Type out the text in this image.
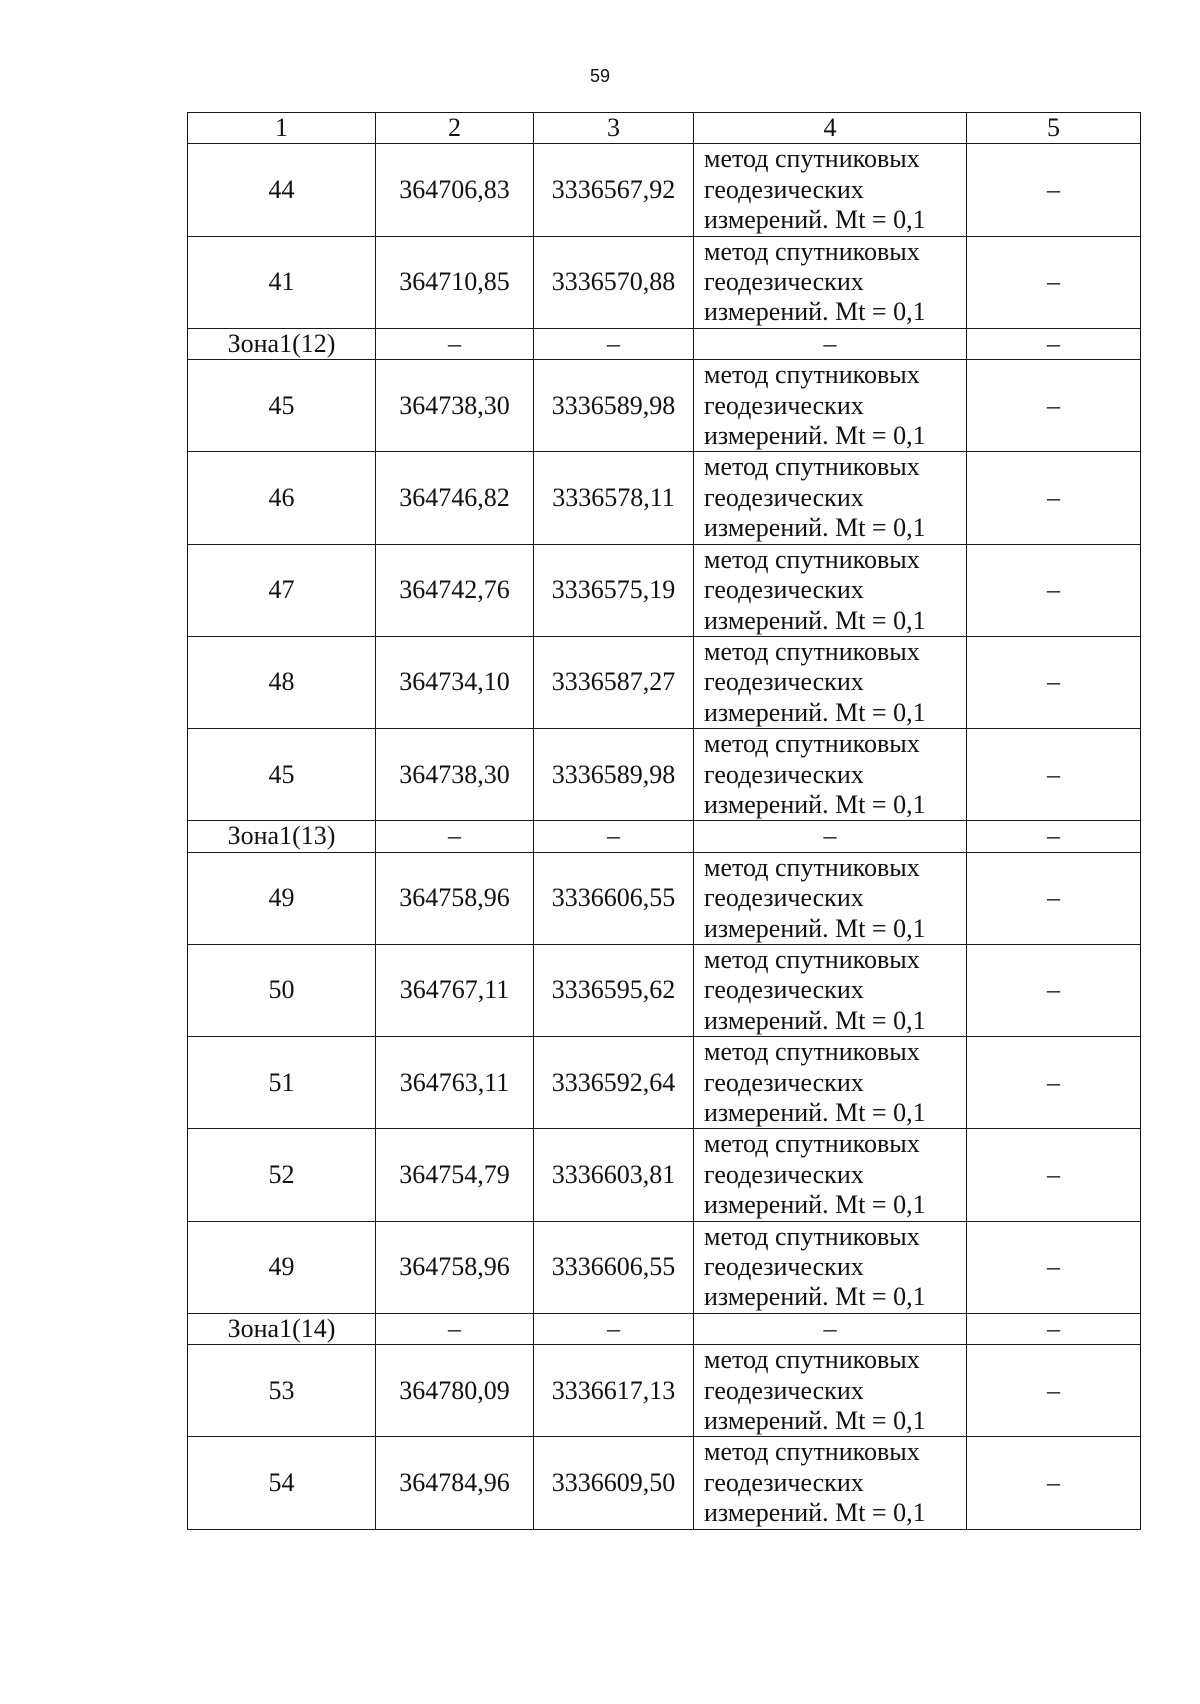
59
1	2	3	4	5
44	364706,83	3336567,92	метод спутниковых
геодезических
измерений. Mt = 0,1	–
41	364710,85	3336570,88	метод спутниковых
геодезических
измерений. Mt = 0,1	–
Зона1(12)	–	–	–	–
45	364738,30	3336589,98	метод спутниковых
геодезических
измерений. Mt = 0,1	–
46	364746,82	3336578,11	метод спутниковых
геодезических
измерений. Mt = 0,1	–
47	364742,76	3336575,19	метод спутниковых
геодезических
измерений. Mt = 0,1	–
48	364734,10	3336587,27	метод спутниковых
геодезических
измерений. Mt = 0,1	–
45	364738,30	3336589,98	метод спутниковых
геодезических
измерений. Mt = 0,1	–
Зона1(13)	–	–	–	–
49	364758,96	3336606,55	метод спутниковых
геодезических
измерений. Mt = 0,1	–
50	364767,11	3336595,62	метод спутниковых
геодезических
измерений. Mt = 0,1	–
51	364763,11	3336592,64	метод спутниковых
геодезических
измерений. Mt = 0,1	–
52	364754,79	3336603,81	метод спутниковых
геодезических
измерений. Mt = 0,1	–
49	364758,96	3336606,55	метод спутниковых
геодезических
измерений. Mt = 0,1	–
Зона1(14)	–	–	–	–
53	364780,09	3336617,13	метод спутниковых
геодезических
измерений. Mt = 0,1	–
54	364784,96	3336609,50	метод спутниковых
геодезических
измерений. Mt = 0,1	–
